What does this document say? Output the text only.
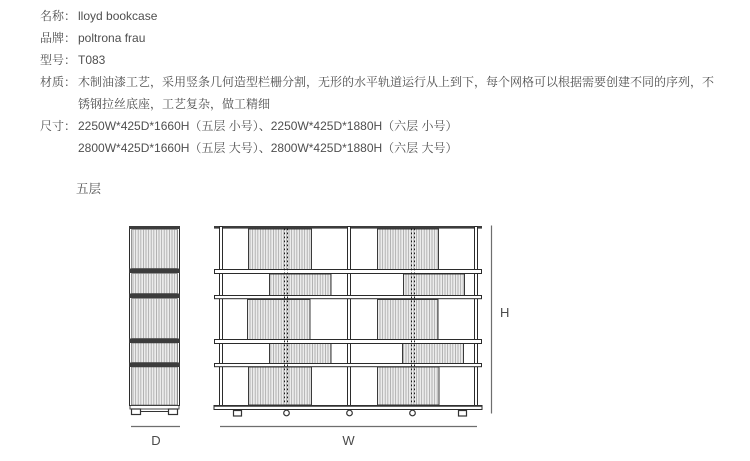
名称： lloyd bookcase
品牌： poltrona frau
型号： T083
材质： 木制油漆工艺，采用竖条几何造型栏栅分割，无形的水平轨道运行从上到下，每个网格可以根据需要创建不同的序列，不锈钢拉丝底座，工艺复杂，做工精细
尺寸： 2250W*425D*1660H（五层 小号）、2250W*425D*1880H（六层 小号）
2800W*425D*1660H（五层 大号）、2800W*425D*1880H（六层 大号）
五层
D	W
H
